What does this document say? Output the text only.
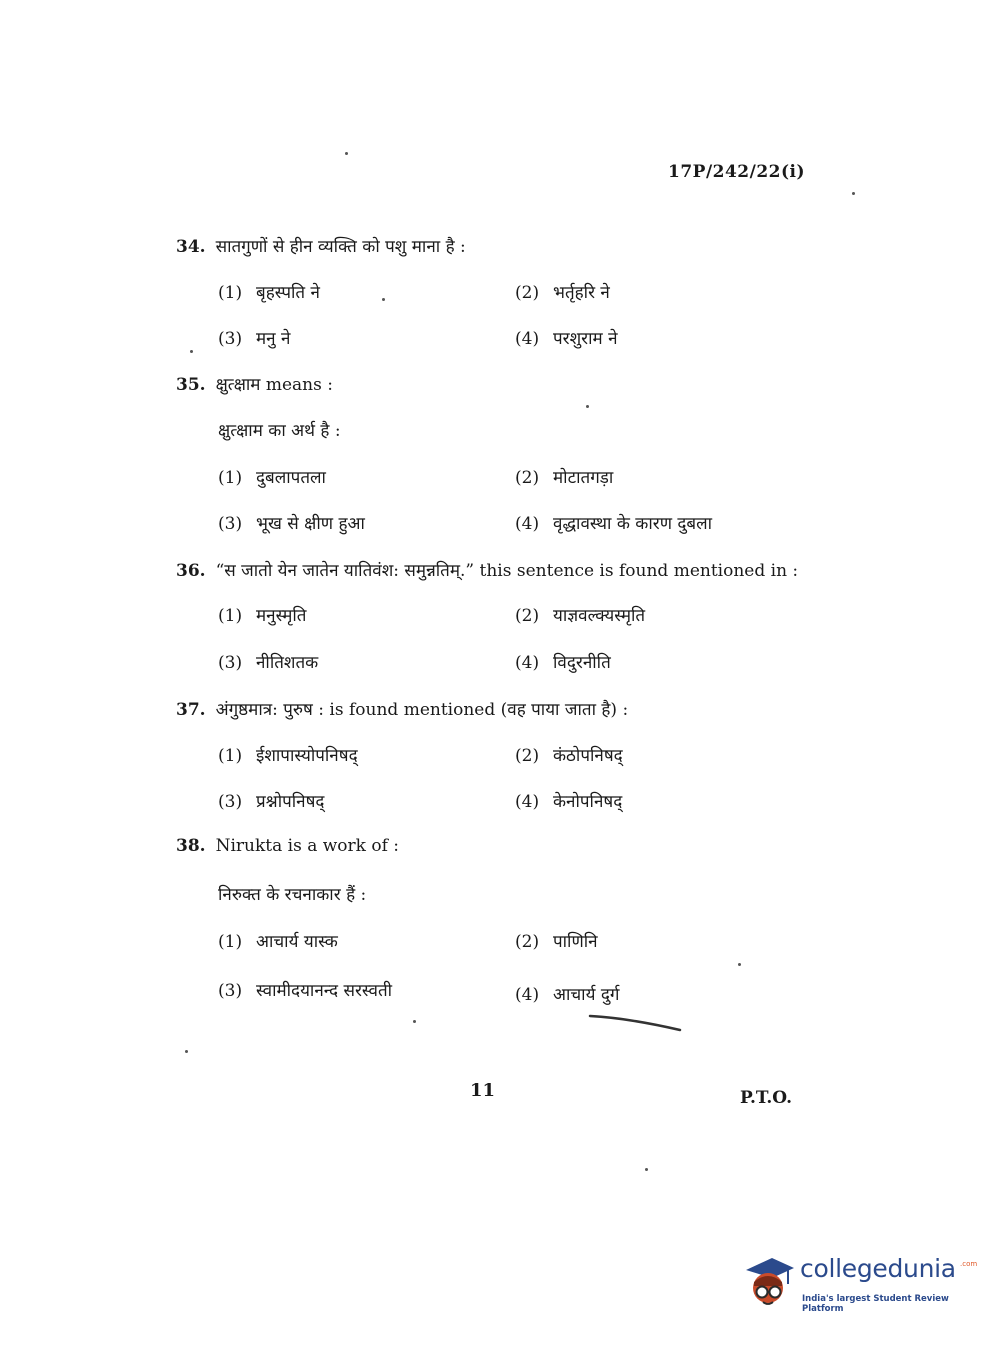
17P/242/22(i)
34. सातगुणों से हीन व्यक्ति को पशु माना है :
(1) बृहस्पति ने	(2) भर्तृहरि ने
(3) मनु ने	(4) परशुराम ने
35. क्षुत्क्षाम means :
क्षुत्क्षाम का अर्थ है :
(1) दुबलापतला	(2) मोटातगड़ा
(3) भूख से क्षीण हुआ	(4) वृद्धावस्था के कारण दुबला
36. “स जातो येन जातेन यातिवंश: समुन्नतिम्.” this sentence is found mentioned in :
(1) मनुस्मृति	(2) याज्ञवल्क्यस्मृति
(3) नीतिशतक	(4) विदुरनीति
37. अंगुष्ठमात्र: पुरुष : is found mentioned (वह पाया जाता है) :
(1) ईशापास्योपनिषद्	(2) कंठोपनिषद्
(3) प्रश्नोपनिषद्	(4) केनोपनिषद्
38. Nirukta is a work of :
निरुक्त के रचनाकार हैं :
(1) आचार्य यास्क	(2) पाणिनि
(3) स्वामीदयानन्द सरस्वती	(4) आचार्य दुर्ग
11	P.T.O.
collegedunia .com
India's largest Student Review Platform
